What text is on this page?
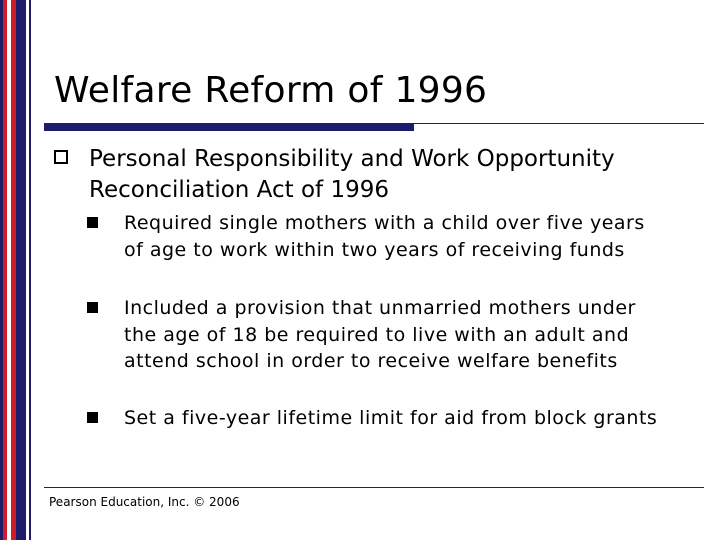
Welfare Reform of 1996
Personal Responsibility and Work Opportunity Reconciliation Act of 1996
Required single mothers with a child over five years of age to work within two years of receiving funds
Included a provision that unmarried mothers under the age of 18 be required to live with an adult and attend school in order to receive welfare benefits
Set a five-year lifetime limit for aid from block grants
Pearson Education, Inc. © 2006
